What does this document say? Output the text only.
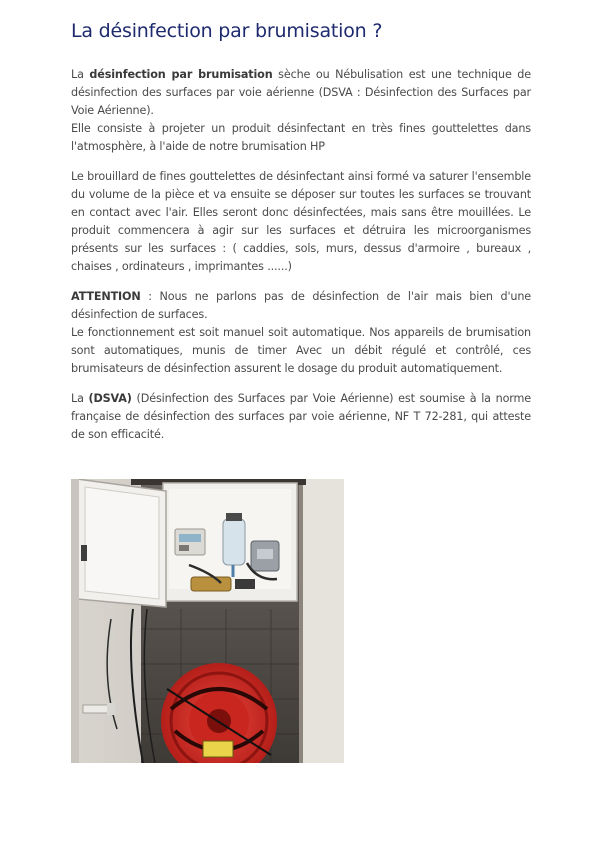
La désinfection par brumisation ?

La désinfection par brumisation sèche ou Nébulisation est une technique de désinfection des surfaces par voie aérienne (DSVA : Désinfection des Surfaces par Voie Aérienne).
Elle consiste à projeter un produit désinfectant en très fines gouttelettes dans l'atmosphère, à l'aide de notre brumisation HP

Le brouillard de fines gouttelettes de désinfectant ainsi formé va saturer l'ensemble du volume de la pièce et va ensuite se déposer sur toutes les surfaces se trouvant en contact avec l'air. Elles seront donc désinfectées, mais sans être mouillées. Le produit commencera à agir sur les surfaces et détruira les microorganismes présents sur les surfaces : ( caddies, sols, murs, dessus d'armoire , bureaux , chaises , ordinateurs , imprimantes ......)

ATTENTION : Nous ne parlons pas de désinfection de l'air mais bien d'une désinfection de surfaces.
Le fonctionnement est soit manuel soit automatique. Nos appareils de brumisation sont automatiques, munis de timer Avec un débit régulé et contrôlé, ces brumisateurs de désinfection assurent le dosage du produit automatiquement.

La (DSVA) (Désinfection des Surfaces par Voie Aérienne) est soumise à la norme française de désinfection des surfaces par voie aérienne, NF T 72-281, qui atteste de son efficacité.
